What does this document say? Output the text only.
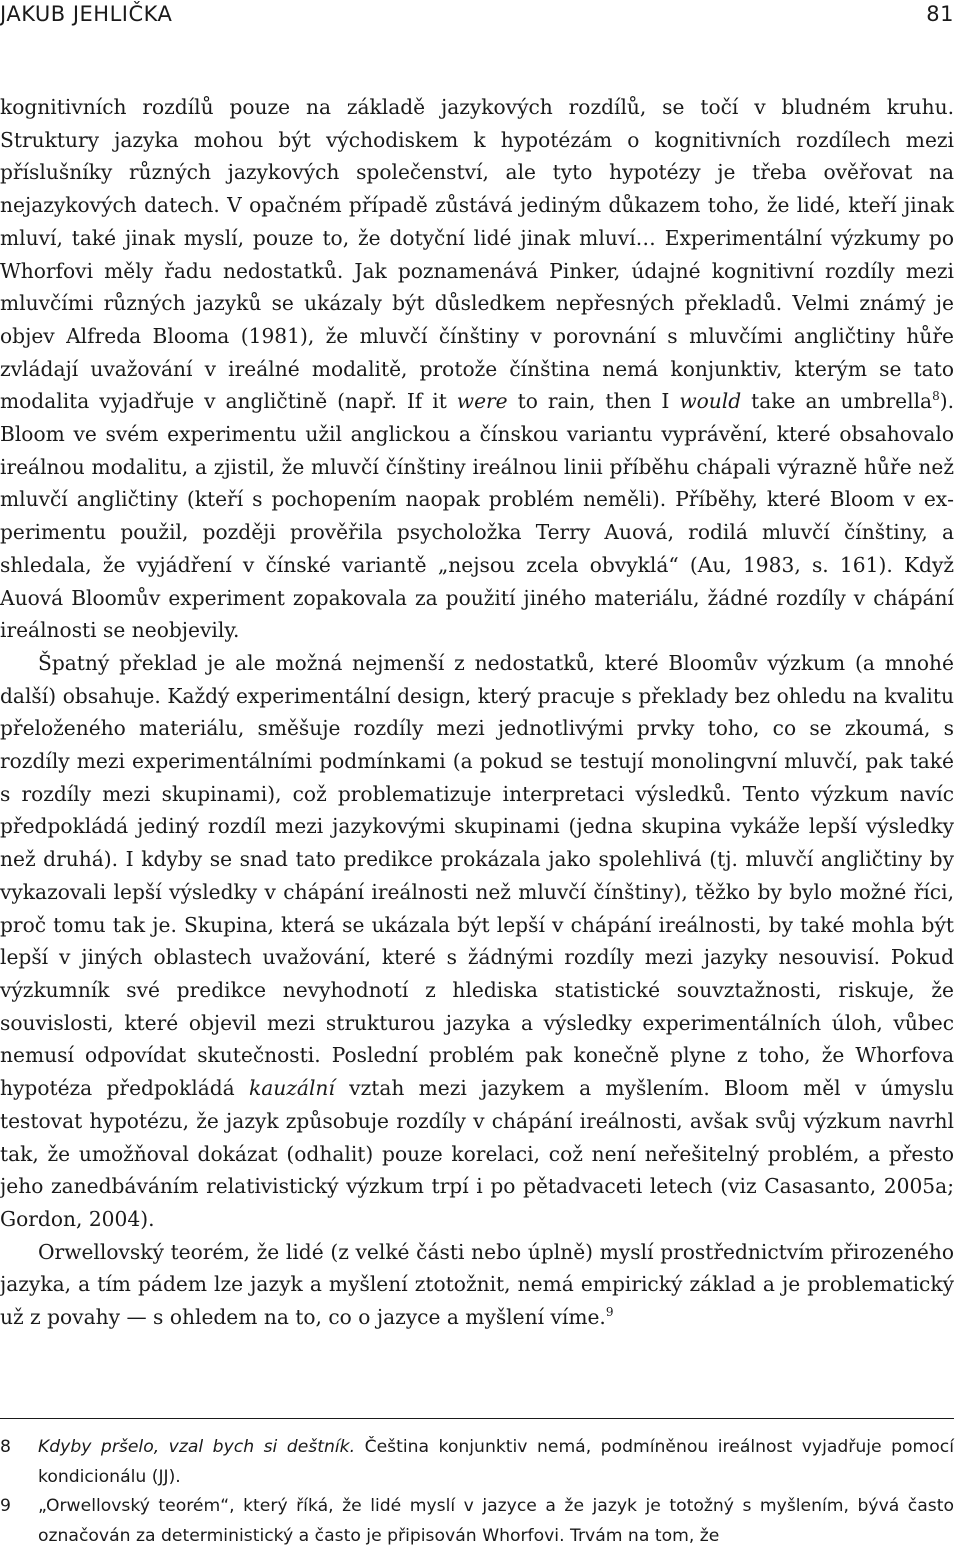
JAKUB JEHLIČKA	81

kognitivních rozdílů pouze na základě jazykových rozdílů, se točí v bludném kruhu. Struktury jazyka mohou být východiskem k hypotézám o kognitivních rozdílech mezi příslušníky různých jazykových společenství, ale tyto hypotézy je třeba ověřovat na nejazykových datech. V opačném případě zůstává jediným důkazem toho, že lidé, kteří jinak mluví, také jinak myslí, pouze to, že dotyční lidé jinak mluví… Experimentální výzkumy po Whorfovi měly řadu nedostatků. Jak poznamenává Pinker, údajné kognitivní rozdíly mezi mluvčími různých jazyků se ukázaly být důsledkem nepřesných překladů. Velmi známý je objev Alfreda Blooma (1981), že mluvčí čínštiny v porovnání s mluvčími angličtiny hůře zvládají uvažování v ireálné modalitě, protože čínština nemá konjunktiv, kterým se tato modalita vyjadřuje v angličtině (např. If it were to rain, then I would take an umbrella$^8$). Bloom ve svém experimentu užil anglickou a čínskou variantu vyprávění, které obsahovalo ireálnou modalitu, a zjistil, že mluvčí čínštiny ireálnou linii příběhu chápali výrazně hůře než mluvčí angličtiny (kteří s pochopením naopak problém neměli). Příběhy, které Bloom v experimentu použil, později prověřila psycholožka Terry Auová, rodilá mluvčí čínštiny, a shledala, že vyjádření v čínské variantě „nejsou zcela obvyklá“ (Au, 1983, s. 161). Když Auová Bloomův experiment zopakovala za použití jiného materiálu, žádné rozdíly v chápání ireálnosti se neobjevily.

Špatný překlad je ale možná nejmenší z nedostatků, které Bloomův výzkum (a mnohé další) obsahuje. Každý experimentální design, který pracuje s překlady bez ohledu na kvalitu přeloženého materiálu, směšuje rozdíly mezi jednotlivými prvky toho, co se zkoumá, s rozdíly mezi experimentálními podmínkami (a pokud se testují monolingvní mluvčí, pak také s rozdíly mezi skupinami), což problematizuje interpretaci výsledků. Tento výzkum navíc předpokládá jediný rozdíl mezi jazykovými skupinami (jedna skupina vykáže lepší výsledky než druhá). I kdyby se snad tato predikce prokázala jako spolehlivá (tj. mluvčí angličtiny by vykazovali lepší výsledky v chápání ireálnosti než mluvčí čínštiny), těžko by bylo možné říci, proč tomu tak je. Skupina, která se ukázala být lepší v chápání ireálnosti, by také mohla být lepší v jiných oblastech uvažování, které s žádnými rozdíly mezi jazyky nesouvisí. Pokud výzkumník své predikce nevyhodnotí z hlediska statistické souvztažnosti, riskuje, že souvislosti, které objevil mezi strukturou jazyka a výsledky experimentálních úloh, vůbec nemusí odpovídat skutečnosti. Poslední problém pak konečně plyne z toho, že Whorfova hypotéza předpokládá kauzální vztah mezi jazykem a myšlením. Bloom měl v úmyslu testovat hypotézu, že jazyk způsobuje rozdíly v chápání ireálnosti, avšak svůj výzkum navrhl tak, že umožňoval dokázat (odhalit) pouze korelaci, což není neřešitelný problém, a přesto jeho zanedbáváním relativistický výzkum trpí i po pětadvaceti letech (viz Casasanto, 2005a; Gordon, 2004).

Orwellovský teorém, že lidé (z velké části nebo úplně) myslí prostřednictvím přirozeného jazyka, a tím pádem lze jazyk a myšlení ztotožnit, nemá empirický základ a je problematický už z povahy — s ohledem na to, co o jazyce a myšlení víme.$^9$

8 Kdyby pršelo, vzal bych si deštník. Čeština konjunktiv nemá, podmíněnou ireálnost vyjadřuje pomocí kondicionálu (JJ).
9 „Orwellovský teorém“, který říká, že lidé myslí v jazyce a že jazyk je totožný s myšlením, bývá často označován za deterministický a často je připisován Whorfovi. Trvám na tom, že
